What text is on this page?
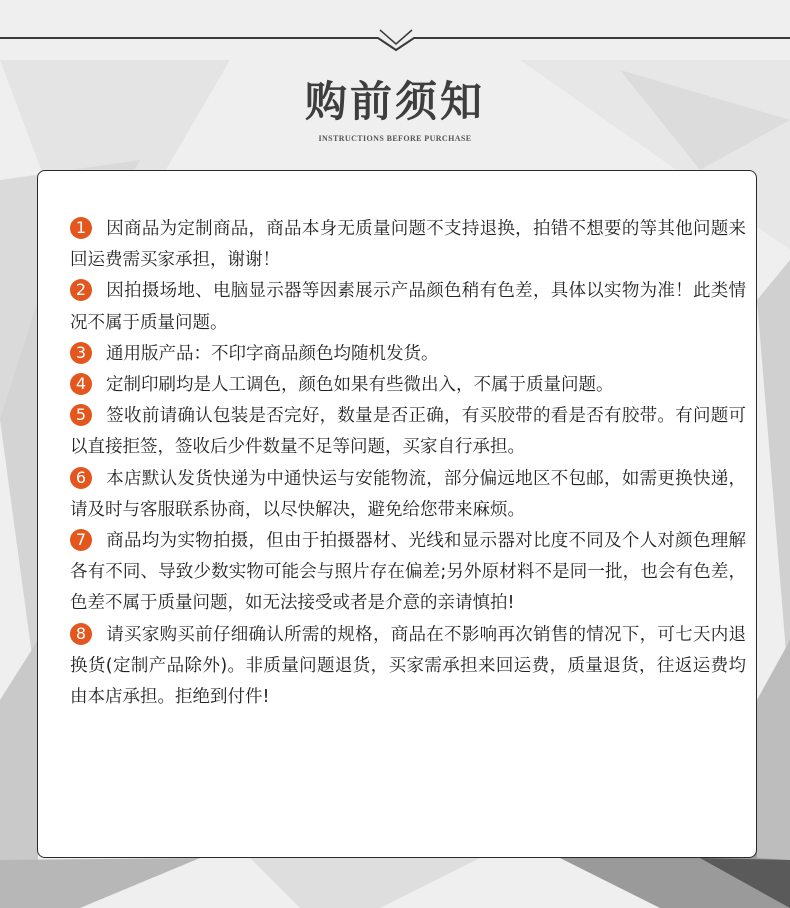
购前须知
INSTRUCTIONS BEFORE PURCHASE
1 因商品为定制商品，商品本身无质量问题不支持退换，拍错不想要的等其他问题来回运费需买家承担，谢谢！
2 因拍摄场地、电脑显示器等因素展示产品颜色稍有色差，具体以实物为准！此类情况不属于质量问题。
3 通用版产品：不印字商品颜色均随机发货。
4 定制印刷均是人工调色，颜色如果有些微出入，不属于质量问题。
5 签收前请确认包装是否完好，数量是否正确，有买胶带的看是否有胶带。有问题可以直接拒签，签收后少件数量不足等问题，买家自行承担。
6 本店默认发货快递为中通快运与安能物流，部分偏远地区不包邮，如需更换快递，请及时与客服联系协商，以尽快解决，避免给您带来麻烦。
7 商品均为实物拍摄，但由于拍摄器材、光线和显示器对比度不同及个人对颜色理解各有不同、导致少数实物可能会与照片存在偏差;另外原材料不是同一批，也会有色差，色差不属于质量问题，如无法接受或者是介意的亲请慎拍!
8 请买家购买前仔细确认所需的规格，商品在不影响再次销售的情况下，可七天内退换货(定制产品除外)。非质量问题退货，买家需承担来回运费，质量退货，往返运费均由本店承担。拒绝到付件!
